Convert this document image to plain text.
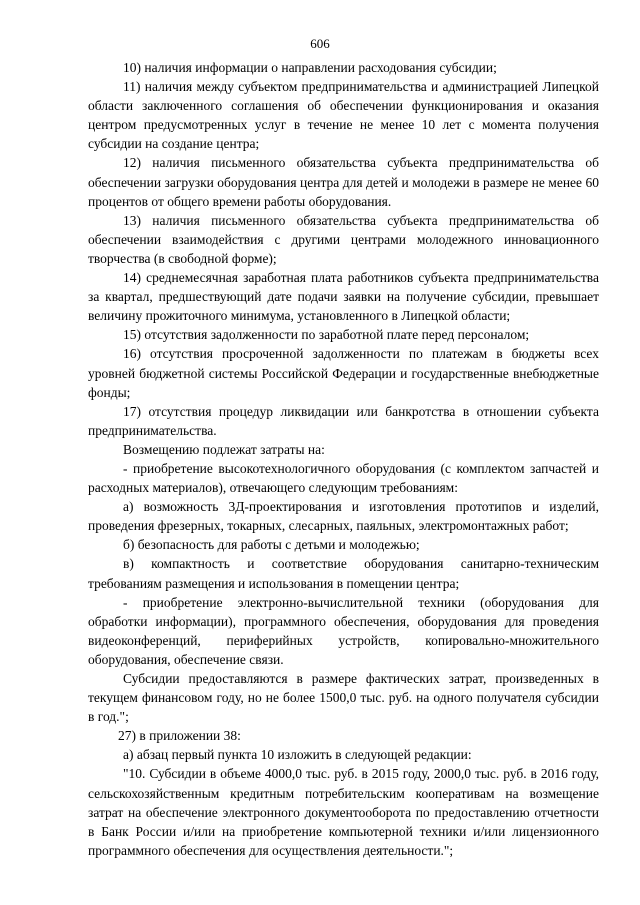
606

10) наличия информации о направлении расходования субсидии;

11) наличия между субъектом предпринимательства и администрацией Липецкой области заключенного соглашения об обеспечении функционирования и оказания центром предусмотренных услуг в течение не менее 10 лет с момента получения субсидии на создание центра;

12) наличия письменного обязательства субъекта предпринимательства об обеспечении загрузки оборудования центра для детей и молодежи в размере не менее 60 процентов от общего времени работы оборудования.

13) наличия письменного обязательства субъекта предпринимательства об обеспечении взаимодействия с другими центрами молодежного инновационного творчества (в свободной форме);

14) среднемесячная заработная плата работников субъекта предпринимательства за квартал, предшествующий дате подачи заявки на получение субсидии, превышает величину прожиточного минимума, установленного в Липецкой области;

15) отсутствия задолженности по заработной плате перед персоналом;

16) отсутствия просроченной задолженности по платежам в бюджеты всех уровней бюджетной системы Российской Федерации и государственные внебюджетные фонды;

17) отсутствия процедур ликвидации или банкротства в отношении субъекта предпринимательства.

Возмещению подлежат затраты на:

- приобретение высокотехнологичного оборудования (с комплектом запчастей и расходных материалов), отвечающего следующим требованиям:

а) возможность 3Д-проектирования и изготовления прототипов и изделий, проведения фрезерных, токарных, слесарных, паяльных, электромонтажных работ;

б) безопасность для работы с детьми и молодежью;

в) компактность и соответствие оборудования санитарно-техническим требованиям размещения и использования в помещении центра;

- приобретение электронно-вычислительной техники (оборудования для обработки информации), программного обеспечения, оборудования для проведения видеоконференций, периферийных устройств, копировально-множительного оборудования, обеспечение связи.

Субсидии предоставляются в размере фактических затрат, произведенных в текущем финансовом году, но не более 1500,0 тыс. руб. на одного получателя субсидии в год.";

27) в приложении 38:

а) абзац первый пункта 10 изложить в следующей редакции:

"10. Субсидии в объеме 4000,0 тыс. руб. в 2015 году, 2000,0 тыс. руб. в 2016 году, сельскохозяйственным кредитным потребительским кооперативам на возмещение затрат на обеспечение электронного документооборота по предоставлению отчетности в Банк России и/или на приобретение компьютерной техники и/или лицензионного программного обеспечения для осуществления деятельности.";
